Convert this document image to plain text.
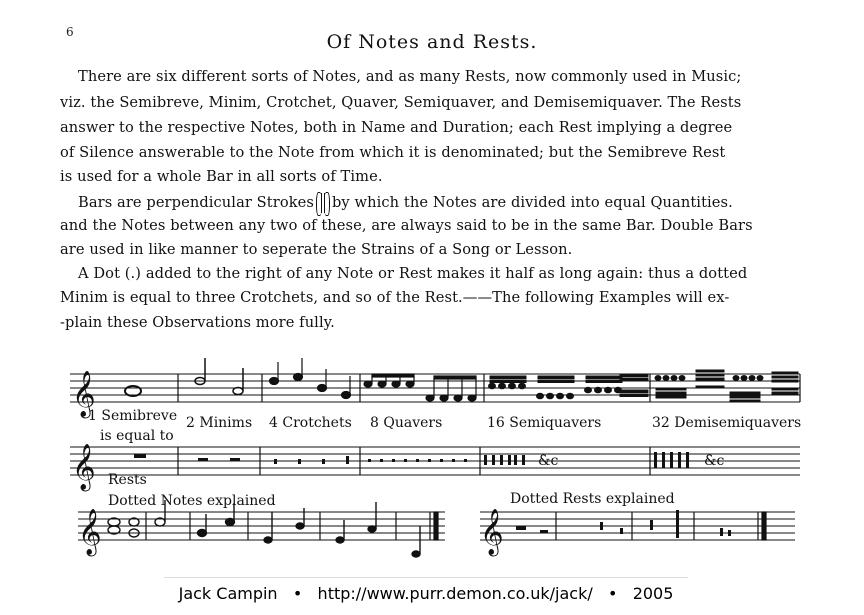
6	Of Notes and Rests.
There are six different sorts of Notes, and as many Rests, now commonly used in Music;
viz. the Semibreve, Minim, Crotchet, Quaver, Semiquaver, and Demisemiquaver. The Rests
answer to the respective Notes, both in Name and Duration; each Rest implying a degree
of Silence answerable to the Note from which it is denominated; but the Semibreve Rest
is used for a whole Bar in all sorts of Time.
Bars are perpendicular Strokes by which the Notes are divided into equal Quantities.
and the Notes between any two of these, are always said to be in the same Bar. Double Bars
are used in like manner to seperate the Strains of a Song or Lesson.
A Dot (.) added to the right of any Note or Rest makes it half as long again: thus a dotted
Minim is equal to three Crotchets, and so of the Rest.——The following Examples will ex-
-plain these Observations more fully.
𝄞
𝄞
𝄞	𝄞
1 Semibreve 2 Minims 4 Crotchets 8 Quavers	16 Semiquavers	32 Demisemiquavers
is equal to
Rests
&c	&c
Dotted Notes explained	Dotted Rests explained
Jack Campin • http://www.purr.demon.co.uk/jack/ • 2005
